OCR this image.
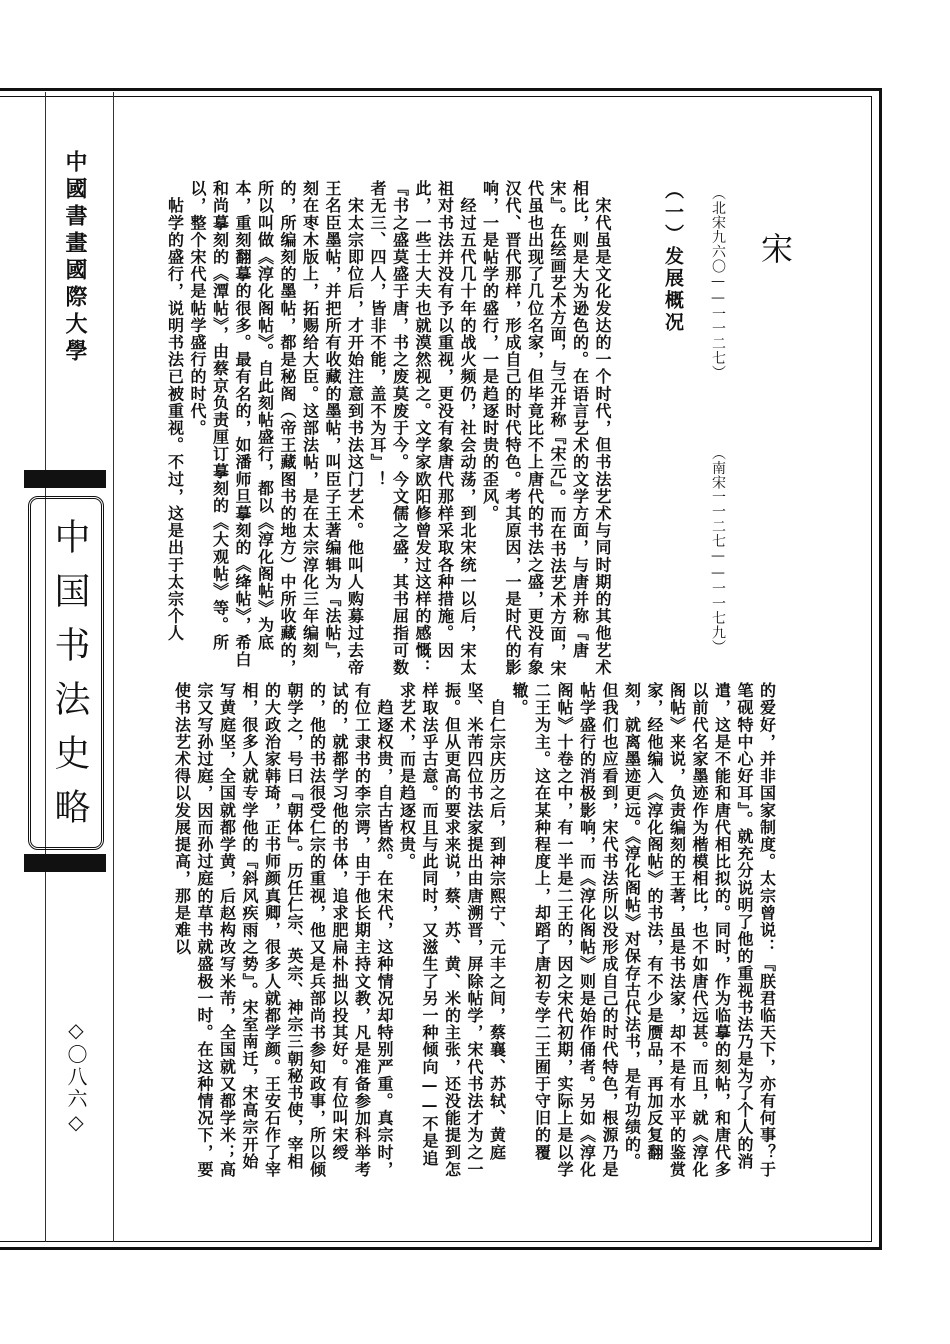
中國書畫國際大學
中国书法史略
◇〇八六◇
宋
（北宋九六〇——一一二七）
（南宋一一二七——一一七九）
（一）发展概况
　宋代虽是文化发达的一个时代，但书法艺术与同时期的其他艺术相比，则是大为逊色的。在语言艺术的文学方面，与唐并称『唐宋』。在绘画艺术方面，与元并称『宋元』。而在书法艺术方面，宋代虽也出现了几位名家，但毕竟比不上唐代的书法之盛，更没有象汉代、晋代那样，形成自己的时代特色。考其原因，一是时代的影响，一是帖学的盛行，一是趋逐时贵的歪风。
　经过五代几十年的战火频仍，社会动荡，到北宋统一以后，宋太祖对书法并没有予以重视，更没有象唐代那样采取各种措施。因此，一些士大夫也就漠然视之。文学家欧阳修曾发过这样的感慨：『书之盛莫盛于唐，书之废莫废于今。今文儒之盛，其书屈指可数者无三、四人，皆非不能，盖不为耳』！
　宋太宗即位后，才开始注意到书法这门艺术。他叫人购募过去帝王名臣墨帖，并把所有收藏的墨帖，叫臣子王著编辑为『法帖』，刻在枣木版上，拓赐给大臣。这部法帖，是在太宗淳化三年编刻的，所编刻的墨帖，都是秘阁（帝王藏图书的地方）中所收藏的，所以叫做《淳化阁帖》。自此刻帖盛行，都以《淳化阁帖》为底本，重刻翻摹的很多。最有名的，如潘师旦摹刻的《绛帖》，希白和尚摹刻的《潭帖》，由蔡京负责厘订摹刻的《大观帖》等。所以，整个宋代是帖学盛行的时代。
　帖学的盛行，说明书法已被重视。不过，这是出于太宗个人
的爱好，并非国家制度。太宗曾说：『朕君临天下，亦有何事？于笔砚特中心好耳』。就充分说明了他的重视书法乃是为了个人的消遣，这是不能和唐代相比拟的。同时，作为临摹的刻帖，和唐代多以前代名家墨迹作为楷模相比，也不如唐代远甚。而且，就《淳化阁帖》来说，负责编刻的王著，虽是书法家，却不是有水平的鉴赏家，经他编入《淳化阁帖》的书法，有不少是赝品，再加反复翻刻，就离墨迹更远。《淳化阁帖》对保存古代法书，是有功绩的。但我们也应看到，宋代书法所以没形成自己的时代特色，根源乃是帖学盛行的消极影响，而《淳化阁帖》则是始作俑者。另如《淳化阁帖》十卷之中，有一半是二王的，因之宋代初期，实际上是以学二王为主。这在某种程度上，却蹈了唐初专学二王囿于守旧的覆辙。
　自仁宗庆历之后，到神宗熙宁、元丰之间，蔡襄、苏轼、黄庭坚、米芾四位书法家提出由唐溯晋，屏除帖学，宋代书法才为之一振。但从更高的要求来说，蔡、苏、黄、米的主张，还没能提到怎样取法乎古意。而且与此同时，又滋生了另一种倾向——不是追求艺术，而是趋逐权贵。
　趋逐权贵，自古皆然。在宋代，这种情况却特别严重。真宗时，有位工隶书的李宗谔，由于他长期主持文教，凡是准备参加科举考试的，就都学习他的书体，追求肥扁朴拙以投其好。有位叫宋绶的，他的书法很受仁宗的重视，他又是兵部尚书参知政事，所以倾朝学之，号曰『朝体』。历任仁宗、英宗、神宗三朝秘书使，宰相的大政治家韩琦，正书师颜真卿，很多人就都学颜。王安石作了宰相，很多人就专学他的『斜风疾雨之势』。宋室南迁，宋高宗开始写黄庭坚，全国就都学黄，后赵构改写米芾，全国就又都学米；高宗又写孙过庭，因而孙过庭的草书就盛极一时。在这种情况下，要使书法艺术得以发展提高，那是难以
